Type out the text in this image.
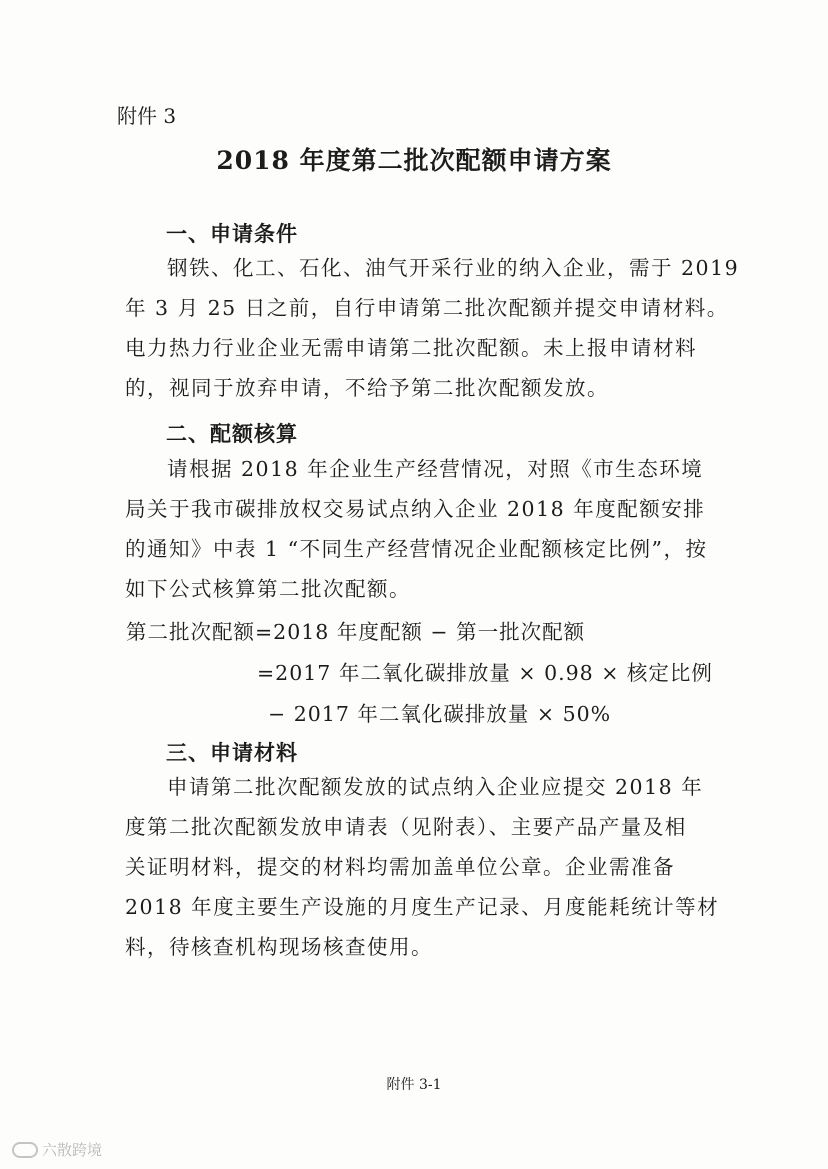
附件 3
2018 年度第二批次配额申请方案
一、申请条件
钢铁、化工、石化、油气开采行业的纳入企业，需于 2019
年 3 月 25 日之前，自行申请第二批次配额并提交申请材料。
电力热力行业企业无需申请第二批次配额。未上报申请材料
的，视同于放弃申请，不给予第二批次配额发放。
二、配额核算
请根据 2018 年企业生产经营情况，对照《市生态环境
局关于我市碳排放权交易试点纳入企业 2018 年度配额安排
的通知》中表 1 “不同生产经营情况企业配额核定比例”，按
如下公式核算第二批次配额。
第二批次配额=2018 年度配额 − 第一批次配额
=2017 年二氧化碳排放量 × 0.98 × 核定比例
− 2017 年二氧化碳排放量 × 50%
三、申请材料
申请第二批次配额发放的试点纳入企业应提交 2018 年
度第二批次配额发放申请表（见附表）、主要产品产量及相
关证明材料，提交的材料均需加盖单位公章。企业需准备
2018 年度主要生产设施的月度生产记录、月度能耗统计等材
料，待核查机构现场核查使用。
附件 3-1
六散跨境
